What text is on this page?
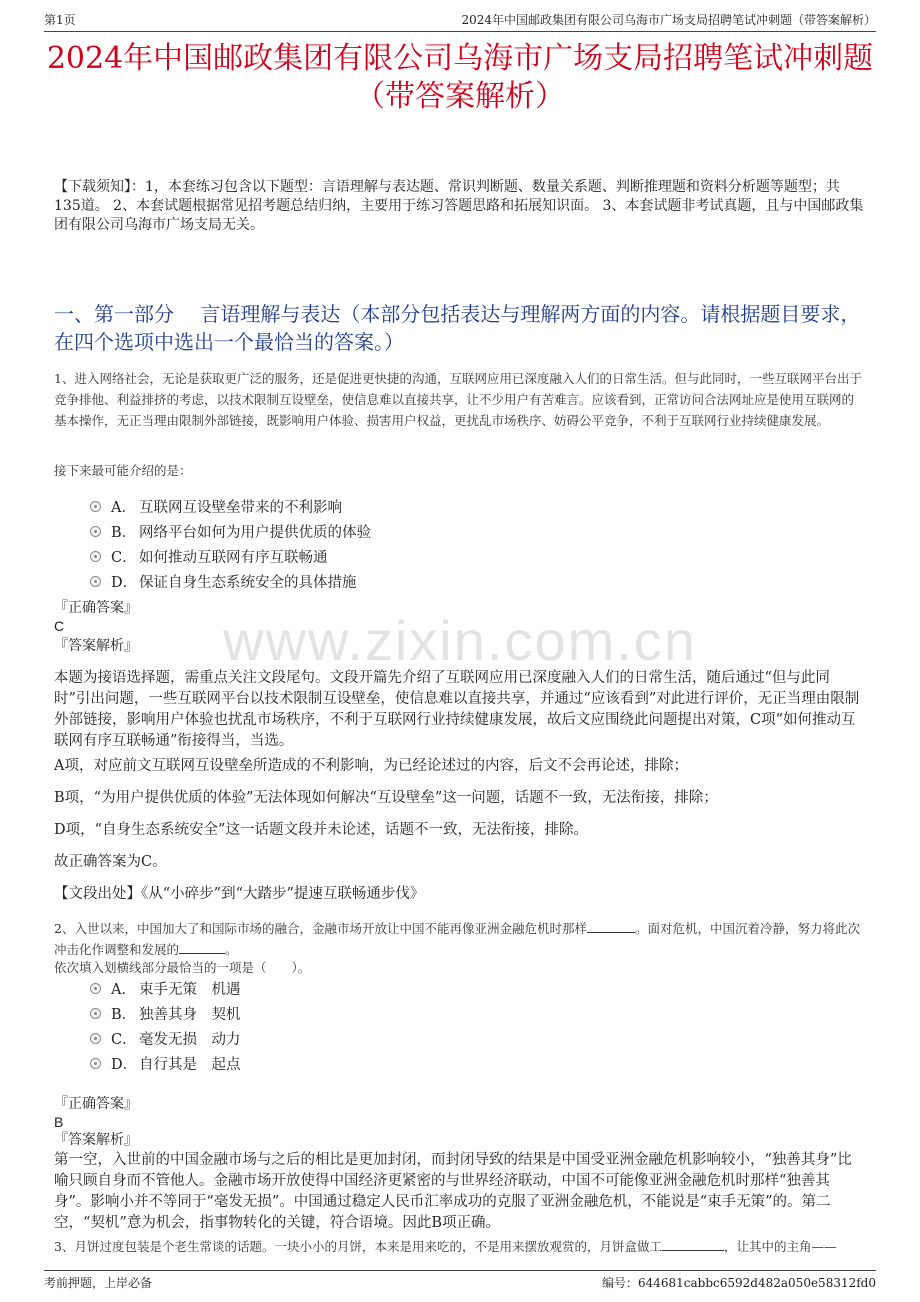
第1页	2024年中国邮政集团有限公司乌海市广场支局招聘笔试冲刺题（带答案解析）
2024年中国邮政集团有限公司乌海市广场支局招聘笔试冲刺题
（带答案解析）
【下载须知】：1，本套练习包含以下题型：言语理解与表达题、常识判断题、数量关系题、判断推理题和资料分析题等题型；共135道。 2、本套试题根据常见招考题总结归纳，主要用于练习答题思路和拓展知识面。 3、本套试题非考试真题，且与中国邮政集团有限公司乌海市广场支局无关。
一、第一部分　 言语理解与表达（本部分包括表达与理解两方面的内容。请根据题目要求，在四个选项中选出一个最恰当的答案。）
1、进入网络社会，无论是获取更广泛的服务，还是促进更快捷的沟通，互联网应用已深度融入人们的日常生活。但与此同时，一些互联网平台出于竞争排他、利益排挤的考虑，以技术限制互设壁垒，使信息难以直接共享，让不少用户有苦难言。应该看到，正常访问合法网址应是使用互联网的基本操作，无正当理由限制外部链接，既影响用户体验、损害用户权益，更扰乱市场秩序、妨碍公平竞争，不利于互联网行业持续健康发展。
接下来最可能介绍的是：
A． 互联网互设壁垒带来的不利影响
B． 网络平台如何为用户提供优质的体验
C． 如何推动互联网有序互联畅通
D． 保证自身生态系统安全的具体措施
『正确答案』
C
『答案解析』	www.zixin.com.cn
本题为接语选择题，需重点关注文段尾句。文段开篇先介绍了互联网应用已深度融入人们的日常生活，随后通过“但与此同时”引出问题，一些互联网平台以技术限制互设壁垒，使信息难以直接共享，并通过“应该看到”对此进行评价，无正当理由限制外部链接，影响用户体验也扰乱市场秩序，不利于互联网行业持续健康发展，故后文应围绕此问题提出对策，C项“如何推动互联网有序互联畅通”衔接得当，当选。
A项，对应前文互联网互设壁垒所造成的不利影响，为已经论述过的内容，后文不会再论述，排除；
B项，“为用户提供优质的体验”无法体现如何解决“互设壁垒”这一问题，话题不一致，无法衔接，排除；
D项，“自身生态系统安全”这一话题文段并未论述，话题不一致，无法衔接，排除。
故正确答案为C。
【文段出处】《从“小碎步”到“大踏步”提速互联畅通步伐》
2、入世以来，中国加大了和国际市场的融合，金融市场开放让中国不能再像亚洲金融危机时那样	。面对危机，中国沉着冷静，努力将此次冲击化作调整和发展的	。
依次填入划横线部分最恰当的一项是（　　）。
A． 束手无策　机遇
B． 独善其身　契机
C． 毫发无损　动力
D． 自行其是　起点
『正确答案』
B
『答案解析』
第一空，入世前的中国金融市场与之后的相比是更加封闭，而封闭导致的结果是中国受亚洲金融危机影响较小，“独善其身”比喻只顾自身而不管他人。金融市场开放使得中国经济更紧密的与世界经济联动，中国不可能像亚洲金融危机时那样“独善其身”。影响小并不等同于“毫发无损”。中国通过稳定人民币汇率成功的克服了亚洲金融危机，不能说是“束手无策”的。第二空，“契机”意为机会，指事物转化的关键，符合语境。因此B项正确。
3、月饼过度包装是个老生常谈的话题。一块小小的月饼，本来是用来吃的，不是用来摆放观赏的，月饼盒做工	，让其中的主角——
考前押题，上岸必备	编号：644681cabbc6592d482a050e58312fd0
